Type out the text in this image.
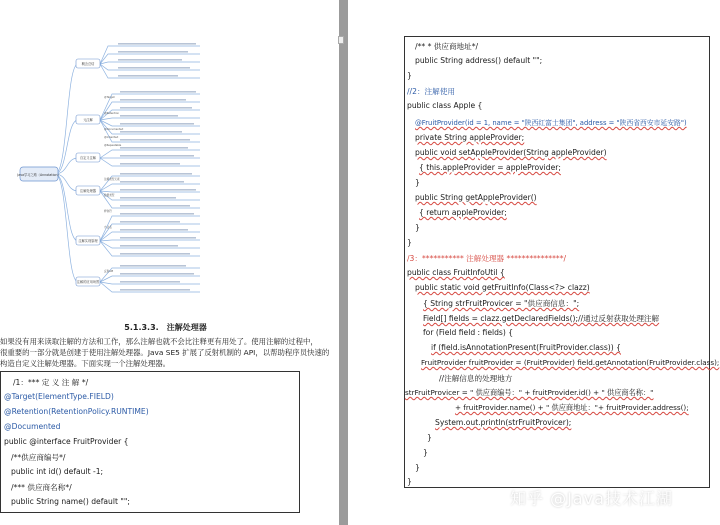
Java学习之路（Annotation）
概念总结
元注解
自定义注解
注解处理器
注解实现原理
注解的应用场景
@Target
@Retention
@Documented
@Inherited
@Repeatable
注解类型元素
数据类型
修饰符
方法名
反射API
5.1.3.3. 注解处理器
如果没有用来读取注解的方法和工作，那么注解也就不会比注释更有用处了。使用注解的过程中，
很重要的一部分就是创建于使用注解处理器。Java SE5 扩展了反射机制的 API，以帮助程序员快速的
构造自定义注解处理器。下面实现一个注解处理器。
/1：*** 定 义 注 解 */
@Target(ElementType.FIELD)
@Retention(RetentionPolicy.RUNTIME)
@Documented
public @interface FruitProvider {
/**供应商编号*/
public int id() default -1;
/*** 供应商名称*/
public String name() default "";
/** * 供应商地址*/
public String address() default "";
}
//2：注解使用
public class Apple {
@FruitProvider(id = 1, name = "陕西红富士集团", address = "陕西省西安市延安路")
private String appleProvider;
public void setAppleProvider(String appleProvider)
{ this.appleProvider = appleProvider;
}
public String getAppleProvider()
{ return appleProvider;
}
}
/3：*********** 注解处理器 ***************/
public class FruitInfoUtil {
public static void getFruitInfo(Class<?> clazz)
{ String strFruitProvicer = "供应商信息：";
Field[] fields = clazz.getDeclaredFields();//通过反射获取处理注解
for (Field field : fields) {
if (field.isAnnotationPresent(FruitProvider.class)) {
FruitProvider fruitProvider = (FruitProvider) field.getAnnotation(FruitProvider.class);
//注解信息的处理地方
strFruitProvicer = " 供应商编号：" + fruitProvider.id() + " 供应商名称："
+ fruitProvider.name() + " 供应商地址："+ fruitProvider.address();
System.out.println(strFruitProvicer);
}
}
}
}
知乎 @Java技术江湖
